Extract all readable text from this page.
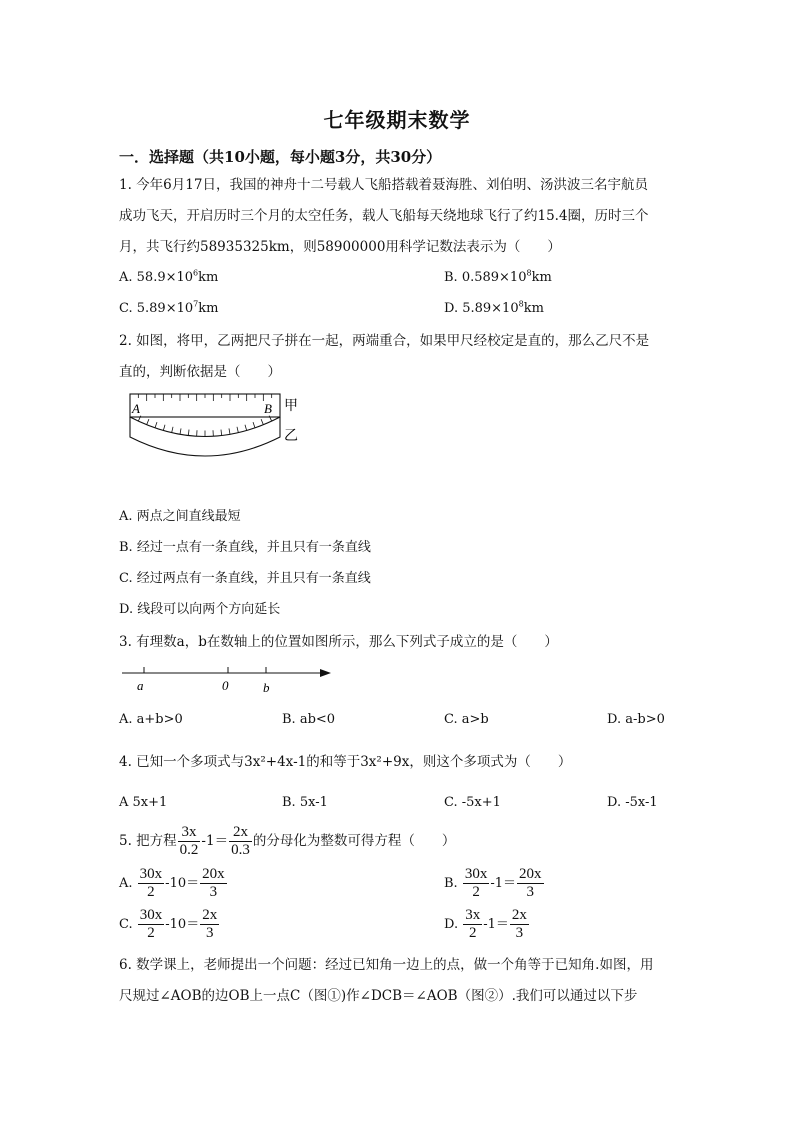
七年级期末数学
一．选择题（共10小题，每小题3分，共30分）
1. 今年6月17日，我国的神舟十二号载人飞船搭载着聂海胜、刘伯明、汤洪波三名宇航员
成功飞天，开启历时三个月的太空任务，载人飞船每天绕地球飞行了约15.4圈，历时三个
月，共飞行约58935325km，则58900000用科学记数法表示为（　　）
A. $58.9\times 10^6km$	B. $0.589\times 10^8km$
C. $5.89\times 10^7km$	D. $5.89\times 10^8km$
2. 如图，将甲，乙两把尺子拼在一起，两端重合，如果甲尺经校定是直的，那么乙尺不是
直的，判断依据是（　　）
A	B 甲
乙
A. 两点之间直线最短
B. 经过一点有一条直线，并且只有一条直线
C. 经过两点有一条直线，并且只有一条直线
D. 线段可以向两个方向延长
3. 有理数a，b在数轴上的位置如图所示，那么下列式子成立的是（　　）
a	0	b
A. a+b>0	B. ab<0	C. a>b	D. a-b>0
4. 已知一个多项式与3x²+4x-1的和等于3x²+9x，则这个多项式为（　　）
A 5x+1	B. 5x-1	C. -5x+1	D. -5x-1
5. 把方程 $\frac{3x}{0.2} -1= \frac{2x}{0.3}$ 的分母化为整数可得方程（　　）
A. $\frac{30x}{2} -10= \frac{20x}{3}$	B. $\frac{30x}{2} -1= \frac{20x}{3}$
C. $\frac{30x}{2} -10= \frac{2x}{3}$	D. $\frac{3x}{2} -1= \frac{2x}{3}$
6. 数学课上，老师提出一个问题：经过已知角一边上的点，做一个角等于已知角.如图，用
尺规过∠AOB的边OB上一点C（图①)作∠DCB＝∠AOB（图②）.我们可以通过以下步
